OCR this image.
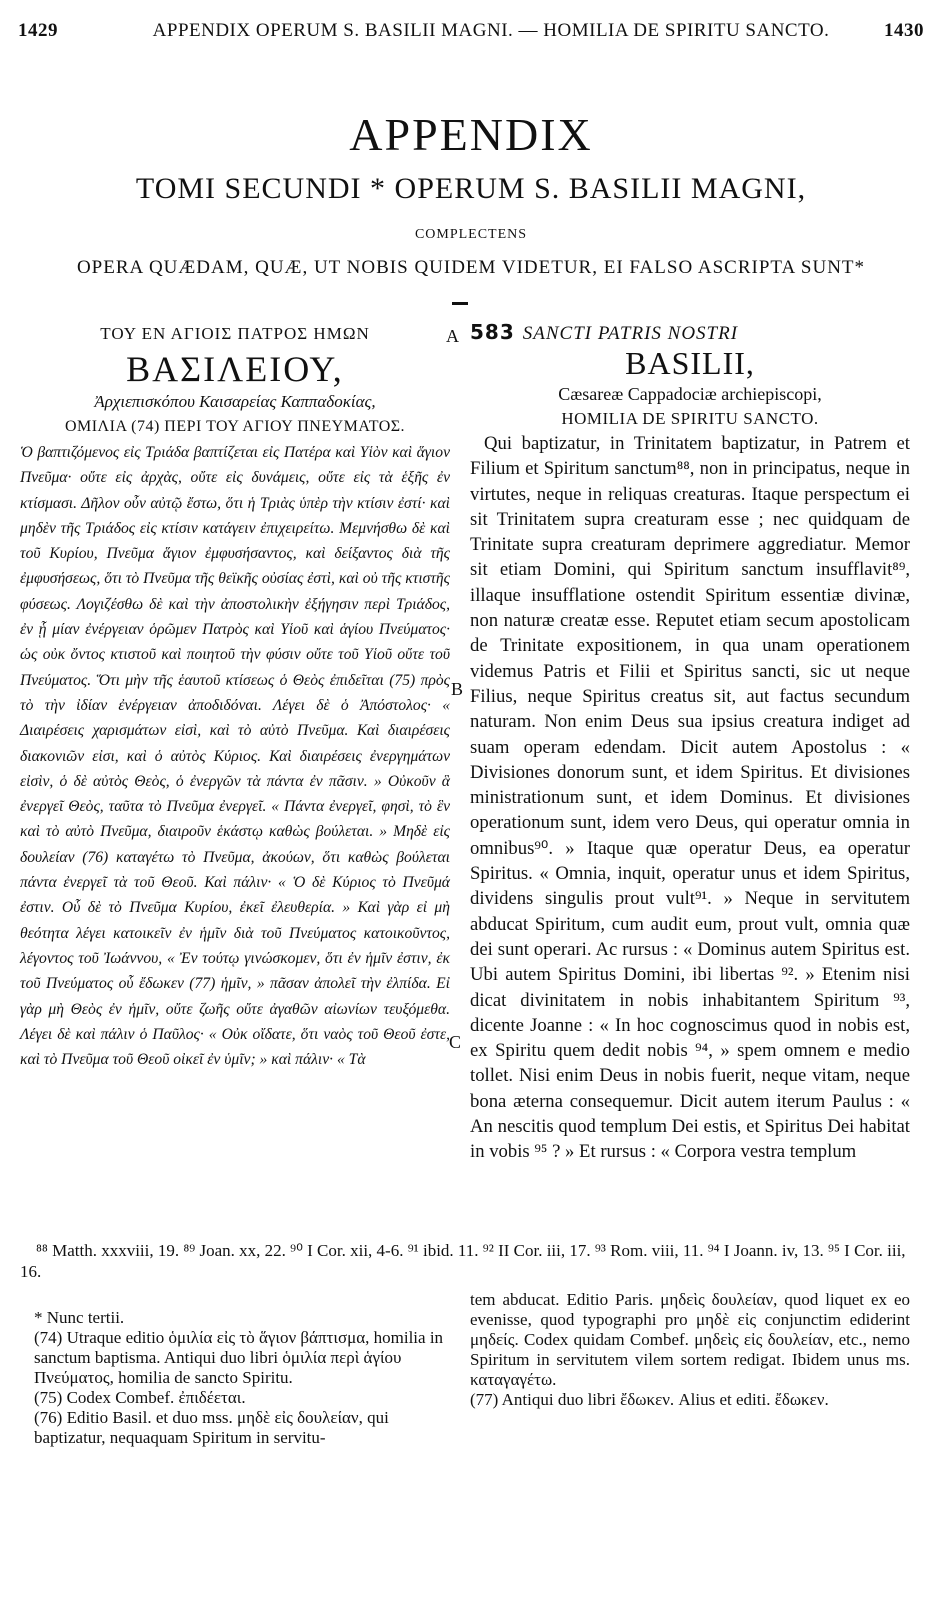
1429	APPENDIX OPERUM S. BASILII MAGNI. — HOMILIA DE SPIRITU SANCTO.	1430
APPENDIX
TOMI SECUNDI * OPERUM S. BASILII MAGNI,
COMPLECTENS
OPERA QUÆDAM, QUÆ, UT NOBIS QUIDEM VIDETUR, EI FALSO ASCRIPTA SUNT*
ΤΟΥ ΕΝ ΑΓΙΟΙΣ ΠΑΤΡΟΣ ΗΜΩΝ
ΒΑΣΙΛΕΙΟΥ,
Ἀρχιεπισκόπου Καισαρείας Καππαδοκίας,
ΟΜΙΛΙΑ (74) ΠΕΡΙ ΤΟΥ ΑΓΙΟΥ ΠΝΕΥΜΑΤΟΣ.
Ὁ βαπτιζόμενος εἰς Τριάδα βαπτίζεται εἰς Πατέρα καὶ Υἱὸν καὶ ἅγιον Πνεῦμα· οὔτε εἰς ἀρχὰς, οὔτε εἰς δυνάμεις, οὔτε εἰς τὰ ἑξῆς ἐν κτίσμασι. Δῆλον οὖν αὐτῷ ἔστω, ὅτι ἡ Τριὰς ὑπὲρ τὴν κτίσιν ἐστί· καὶ μηδὲν τῆς Τριάδος εἰς κτίσιν κατάγειν ἐπιχειρείτω. Μεμνήσθω δὲ καὶ τοῦ Κυρίου, Πνεῦμα ἅγιον ἐμφυσήσαντος, καὶ δείξαντος διὰ τῆς ἐμφυσήσεως, ὅτι τὸ Πνεῦμα τῆς θεϊκῆς οὐσίας ἐστὶ, καὶ οὐ τῆς κτιστῆς φύσεως. Λογιζέσθω δὲ καὶ τὴν ἀποστολικὴν ἐξήγησιν περὶ Τριάδος, ἐν ᾗ μίαν ἐνέργειαν ὁρῶμεν Πατρὸς καὶ Υἱοῦ καὶ ἁγίου Πνεύματος· ὡς οὐκ ὄντος κτιστοῦ καὶ ποιητοῦ τὴν φύσιν οὔτε τοῦ Υἱοῦ οὔτε τοῦ Πνεύματος. Ὅτι μὴν τῆς ἑαυτοῦ κτίσεως ὁ Θεὸς ἐπιδεῖται (75) πρὸς τὸ τὴν ἰδίαν ἐνέργειαν ἀποδιδόναι. Λέγει δὲ ὁ Ἀπόστολος· « Διαιρέσεις χαρισμάτων εἰσὶ, καὶ τὸ αὐτὸ Πνεῦμα. Καὶ διαιρέσεις διακονιῶν εἰσι, καὶ ὁ αὐτὸς Κύριος. Καὶ διαιρέσεις ἐνεργημάτων εἰσὶν, ὁ δὲ αὐτὸς Θεὸς, ὁ ἐνεργῶν τὰ πάντα ἐν πᾶσιν. » Οὐκοῦν ἃ ἐνεργεῖ Θεὸς, ταῦτα τὸ Πνεῦμα ἐνεργεῖ. « Πάντα ἐνεργεῖ, φησὶ, τὸ ἓν καὶ τὸ αὐτὸ Πνεῦμα, διαιροῦν ἑκάστῳ καθὼς βούλεται. » Μηδὲ εἰς δουλείαν (76) καταγέτω τὸ Πνεῦμα, ἀκούων, ὅτι καθὼς βούλεται πάντα ἐνεργεῖ τὰ τοῦ Θεοῦ. Καὶ πάλιν· « Ὁ δὲ Κύριος τὸ Πνεῦμά ἐστιν. Οὗ δὲ τὸ Πνεῦμα Κυρίου, ἐκεῖ ἐλευθερία. » Καὶ γὰρ εἰ μὴ θεότητα λέγει κατοικεῖν ἐν ἡμῖν διὰ τοῦ Πνεύματος κατοικοῦντος, λέγοντος τοῦ Ἰωάννου, « Ἐν τούτῳ γινώσκομεν, ὅτι ἐν ἡμῖν ἐστιν, ἐκ τοῦ Πνεύματος οὗ ἔδωκεν (77) ἡμῖν, » πᾶσαν ἀπολεῖ τὴν ἐλπίδα. Εἰ γὰρ μὴ Θεὸς ἐν ἡμῖν, οὔτε ζωῆς οὔτε ἀγαθῶν αἰωνίων τευξόμεθα. Λέγει δὲ καὶ πάλιν ὁ Παῦλος· « Οὐκ οἴδατε, ὅτι ναὸς τοῦ Θεοῦ ἐστε, καὶ τὸ Πνεῦμα τοῦ Θεοῦ οἰκεῖ ἐν ὑμῖν; » καὶ πάλιν· « Τὰ
A
B
C
583 SANCTI PATRIS NOSTRI
BASILII,
Cæsareæ Cappadociæ archiepiscopi,
HOMILIA DE SPIRITU SANCTO.
Qui baptizatur, in Trinitatem baptizatur, in Patrem et Filium et Spiritum sanctum⁸⁸, non in principatus, neque in virtutes, neque in reliquas creaturas. Itaque perspectum ei sit Trinitatem supra creaturam esse ; nec quidquam de Trinitate supra creaturam deprimere aggrediatur. Memor sit etiam Domini, qui Spiritum sanctum insufflavit⁸⁹, illaque insufflatione ostendit Spiritum essentiæ divinæ, non naturæ creatæ esse. Reputet etiam secum apostolicam de Trinitate expositionem, in qua unam operationem videmus Patris et Filii et Spiritus sancti, sic ut neque Filius, neque Spiritus creatus sit, aut factus secundum naturam. Non enim Deus sua ipsius creatura indiget ad suam operam edendam. Dicit autem Apostolus : « Divisiones donorum sunt, et idem Spiritus. Et divisiones ministrationum sunt, et idem Dominus. Et divisiones operationum sunt, idem vero Deus, qui operatur omnia in omnibus⁹⁰. » Itaque quæ operatur Deus, ea operatur Spiritus. « Omnia, inquit, operatur unus et idem Spiritus, dividens singulis prout vult⁹¹. » Neque in servitutem abducat Spiritum, cum audit eum, prout vult, omnia quæ dei sunt operari. Ac rursus : « Dominus autem Spiritus est. Ubi autem Spiritus Domini, ibi libertas ⁹². » Etenim nisi dicat divinitatem in nobis inhabitantem Spiritum ⁹³, dicente Joanne : « In hoc cognoscimus quod in nobis est, ex Spiritu quem dedit nobis ⁹⁴, » spem omnem e medio tollet. Nisi enim Deus in nobis fuerit, neque vitam, neque bona æterna consequemur. Dicit autem iterum Paulus : « An nescitis quod templum Dei estis, et Spiritus Dei habitat in vobis ⁹⁵ ? » Et rursus : « Corpora vestra templum
⁸⁸ Matth. xxxviii, 19. ⁸⁹ Joan. xx, 22. ⁹⁰ I Cor. xii, 4-6. ⁹¹ ibid. 11. ⁹² II Cor. iii, 17. ⁹³ Rom. viii, 11. ⁹⁴ I Joann. iv, 13. ⁹⁵ I Cor. iii, 16.
* Nunc tertii.
(74) Utraque editio ὁμιλία εἰς τὸ ἅγιον βάπτισμα, homilia in sanctum baptisma. Antiqui duo libri ὁμιλία περὶ ἁγίου Πνεύματος, homilia de sancto Spiritu.
(75) Codex Combef. ἐπιδέεται.
(76) Editio Basil. et duo mss. μηδὲ εἰς δουλείαν, qui baptizatur, nequaquam Spiritum in servitu-
tem abducat. Editio Paris. μηδεὶς δουλείαν, quod liquet ex eo evenisse, quod typographi pro μηδὲ εἰς conjunctim ediderint μηδείς. Codex quidam Combef. μηδεὶς εἰς δουλείαν, etc., nemo Spiritum in servitutem vilem sortem redigat. Ibidem unus ms. καταγαγέτω.
(77) Antiqui duo libri ἔδωκεν. Alius et editi. ἔδωκεν.
